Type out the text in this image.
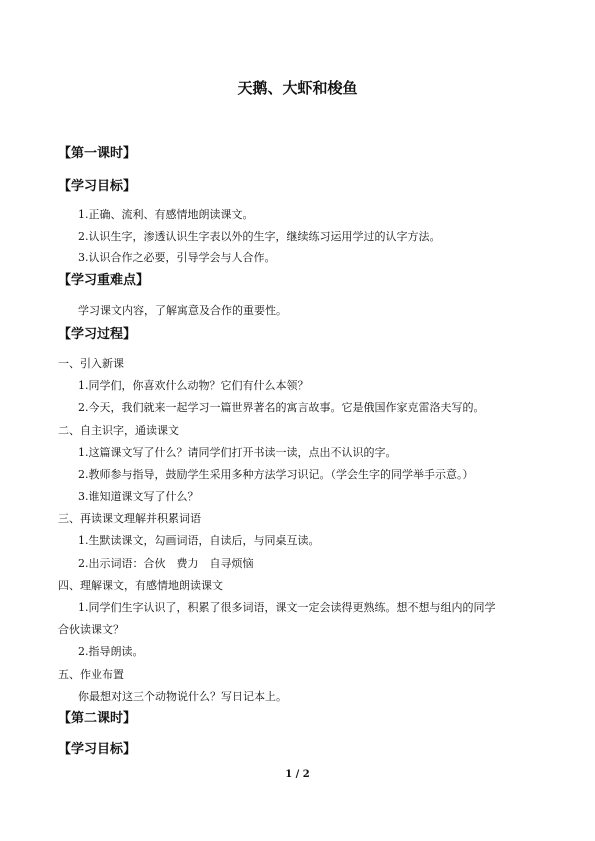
天鹅、大虾和梭鱼
【第一课时】
【学习目标】
1.正确、流利、有感情地朗读课文。
2.认识生字，渗透认识生字表以外的生字，继续练习运用学过的认字方法。
3.认识合作之必要，引导学会与人合作。
【学习重难点】
学习课文内容，了解寓意及合作的重要性。
【学习过程】
一、引入新课
1.同学们，你喜欢什么动物？它们有什么本领？
2.今天，我们就来一起学习一篇世界著名的寓言故事。它是俄国作家克雷洛夫写的。
二、自主识字，通读课文
1.这篇课文写了什么？请同学们打开书读一读，点出不认识的字。
2.教师参与指导，鼓励学生采用多种方法学习识记。（学会生字的同学举手示意。）
3.谁知道课文写了什么？
三、再读课文理解并积累词语
1.生默读课文，勾画词语，自读后，与同桌互读。
2.出示词语：合伙　费力　自寻烦恼
四、理解课文，有感情地朗读课文
1.同学们生字认识了，积累了很多词语，课文一定会读得更熟练。想不想与组内的同学
合伙读课文？
2.指导朗读。
五、作业布置
你最想对这三个动物说什么？写日记本上。
【第二课时】
【学习目标】
1 / 2
